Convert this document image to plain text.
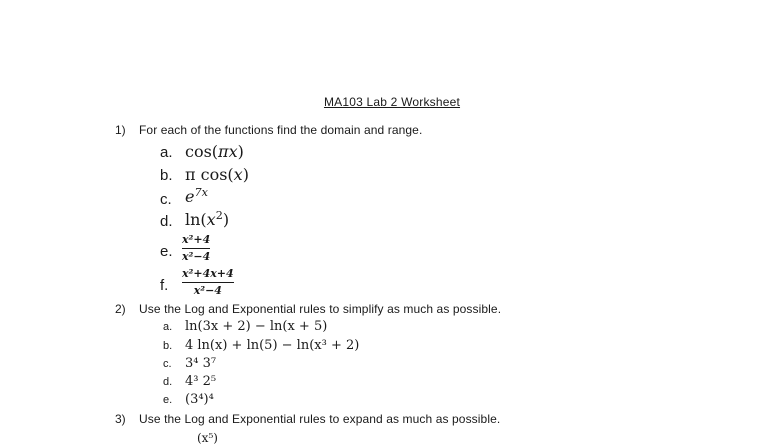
MA103 Lab 2 Worksheet
1) For each of the functions find the domain and range.
a. cos(πx)
b. π cos(x)
c. $e^{7x}$
d. $\ln(x^2)$
e.
x²+4
x²−4
f.
x²+4x+4
x²−4
2) Use the Log and Exponential rules to simplify as much as possible.
a. ln(3x + 2) − ln(x + 5)
b. 4 ln(x) + ln(5) − ln(x³ + 2)
c. 3⁴ 3⁷
d. 4³ 2⁵
e. (3⁴)⁴
3) Use the Log and Exponential rules to expand as much as possible.
(x⁵)
